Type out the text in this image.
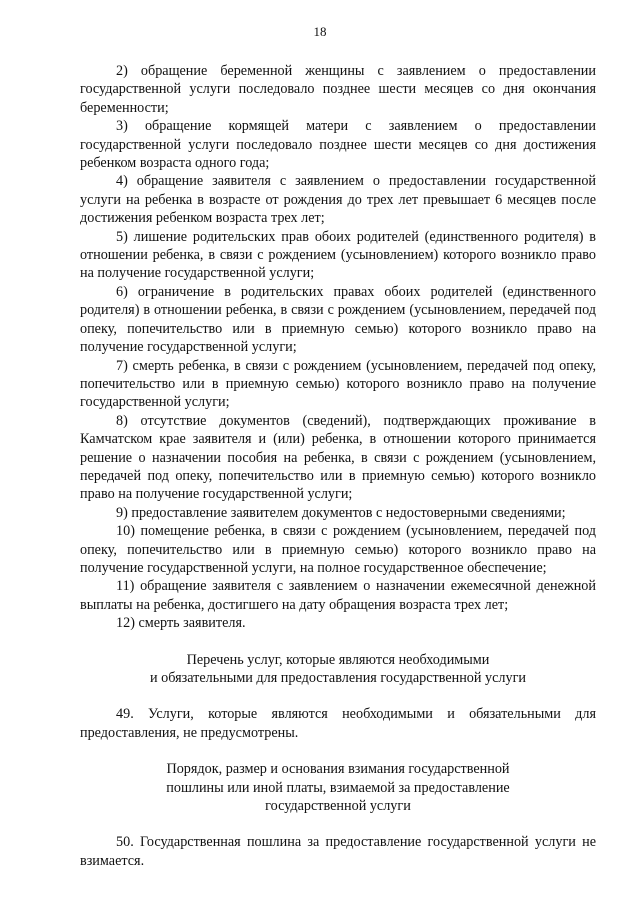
18

2) обращение беременной женщины с заявлением о предоставлении государственной услуги последовало позднее шести месяцев со дня окончания беременности;

3) обращение кормящей матери с заявлением о предоставлении государственной услуги последовало позднее шести месяцев со дня достижения ребенком возраста одного года;

4) обращение заявителя с заявлением о предоставлении государственной услуги на ребенка в возрасте от рождения до трех лет превышает 6 месяцев после достижения ребенком возраста трех лет;

5) лишение родительских прав обоих родителей (единственного родителя) в отношении ребенка, в связи с рождением (усыновлением) которого возникло право на получение государственной услуги;

6) ограничение в родительских правах обоих родителей (единственного родителя) в отношении ребенка, в связи с рождением (усыновлением, передачей под опеку, попечительство или в приемную семью) которого возникло право на получение государственной услуги;

7) смерть ребенка, в связи с рождением (усыновлением, передачей под опеку, попечительство или в приемную семью) которого возникло право на получение государственной услуги;

8) отсутствие документов (сведений), подтверждающих проживание в Камчатском крае заявителя и (или) ребенка, в отношении которого принимается решение о назначении пособия на ребенка, в связи с рождением (усыновлением, передачей под опеку, попечительство или в приемную семью) которого возникло право на получение государственной услуги;

9) предоставление заявителем документов с недостоверными сведениями;

10) помещение ребенка, в связи с рождением (усыновлением, передачей под опеку, попечительство или в приемную семью) которого возникло право на получение государственной услуги, на полное государственное обеспечение;

11) обращение заявителя с заявлением о назначении ежемесячной денежной выплаты на ребенка, достигшего на дату обращения возраста трех лет;

12) смерть заявителя.

Перечень услуг, которые являются необходимыми
и обязательными для предоставления государственной услуги

49. Услуги, которые являются необходимыми и обязательными для предоставления, не предусмотрены.

Порядок, размер и основания взимания государственной
пошлины или иной платы, взимаемой за предоставление
государственной услуги

50. Государственная пошлина за предоставление государственной услуги не взимается.
